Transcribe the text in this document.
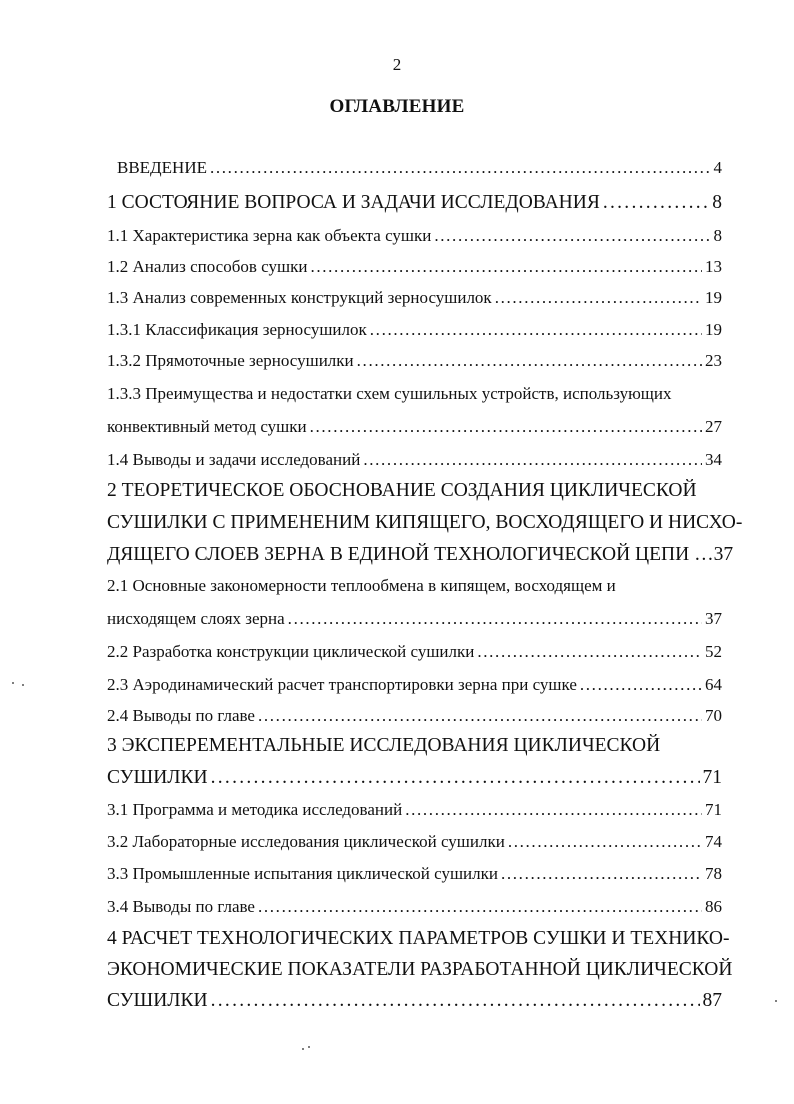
2
ОГЛАВЛЕНИЕ
ВВЕДЕНИЕ . . .	4
1 СОСТОЯНИЕ ВОПРОСА И ЗАДАЧИ ИССЛЕДОВАНИЯ . . .	8
1.1 Характеристика зерна как объекта сушки . . .	8
1.2 Анализ способов сушки . . .	13
1.3 Анализ современных конструкций зерносушилок . . .	19
1.3.1 Классификация зерносушилок . . .	19
1.3.2 Прямоточные зерносушилки . . .	23
1.3.3 Преимущества и недостатки схем сушильных устройств, использующих
конвективный метод сушки . . .	27
1.4 Выводы и задачи исследований . . .	34
2 ТЕОРЕТИЧЕСКОЕ ОБОСНОВАНИЕ СОЗДАНИЯ ЦИКЛИЧЕСКОЙ
СУШИЛКИ С ПРИМЕНЕНИМ КИПЯЩЕГО, ВОСХОДЯЩЕГО И НИСХО-
ДЯЩЕГО СЛОЕВ ЗЕРНА В ЕДИНОЙ ТЕХНОЛОГИЧЕСКОЙ ЦЕПИ … 37
2.1 Основные закономерности теплообмена в кипящем, восходящем и
нисходящем слоях зерна . . .	37
2.2 Разработка конструкции циклической сушилки . . .	52
2.3 Аэродинамический расчет транспортировки зерна при сушке . . .	64
2.4 Выводы по главе . . .	70
3 ЭКСПЕРЕМЕНТАЛЬНЫЕ ИССЛЕДОВАНИЯ ЦИКЛИЧЕСКОЙ
СУШИЛКИ . . .	71
3.1 Программа и методика исследований . . .	71
3.2 Лабораторные исследования циклической сушилки . . .	74
3.3 Промышленные испытания циклической сушилки . . .	78
3.4 Выводы по главе . . .	86
4 РАСЧЕТ ТЕХНОЛОГИЧЕСКИХ ПАРАМЕТРОВ СУШКИ И ТЕХНИКО-
ЭКОНОМИЧЕСКИЕ ПОКАЗАТЕЛИ РАЗРАБОТАННОЙ ЦИКЛИЧЕСКОЙ
СУШИЛКИ . . .	87
